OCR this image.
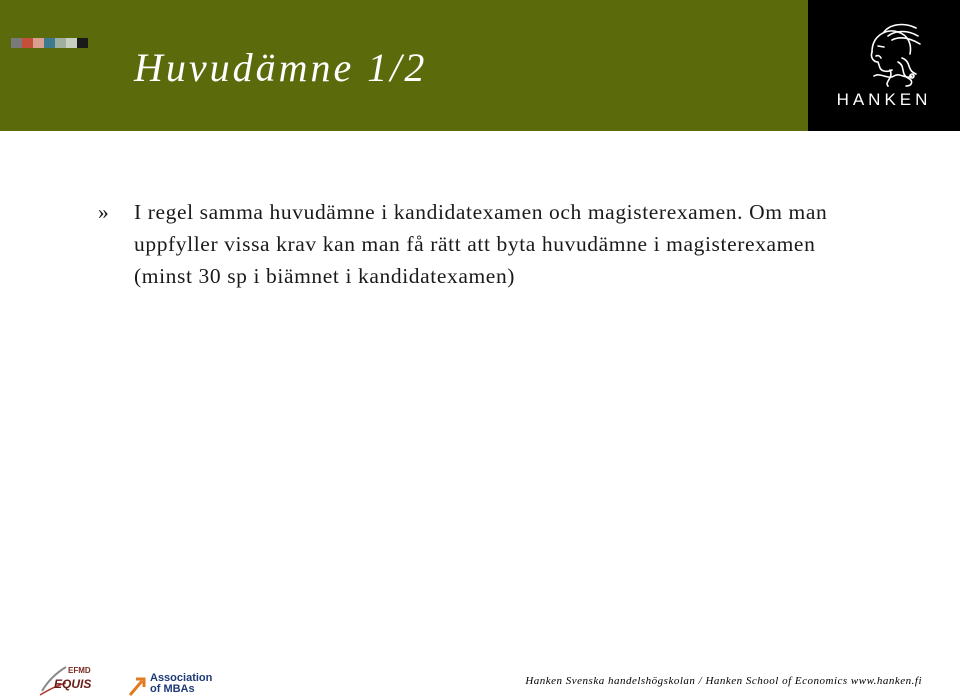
Huvudämne 1/2
HANKEN
»	I regel samma huvudämne i kandidatexamen och magisterexamen. Om man uppfyller vissa krav kan man få rätt att byta huvudämne i magisterexamen (minst 30 sp i biämnet i kandidatexamen)
EFMD
EQUIS	Association
of MBAs
Hanken Svenska handelshögskolan / Hanken School of Economics www.hanken.fi
